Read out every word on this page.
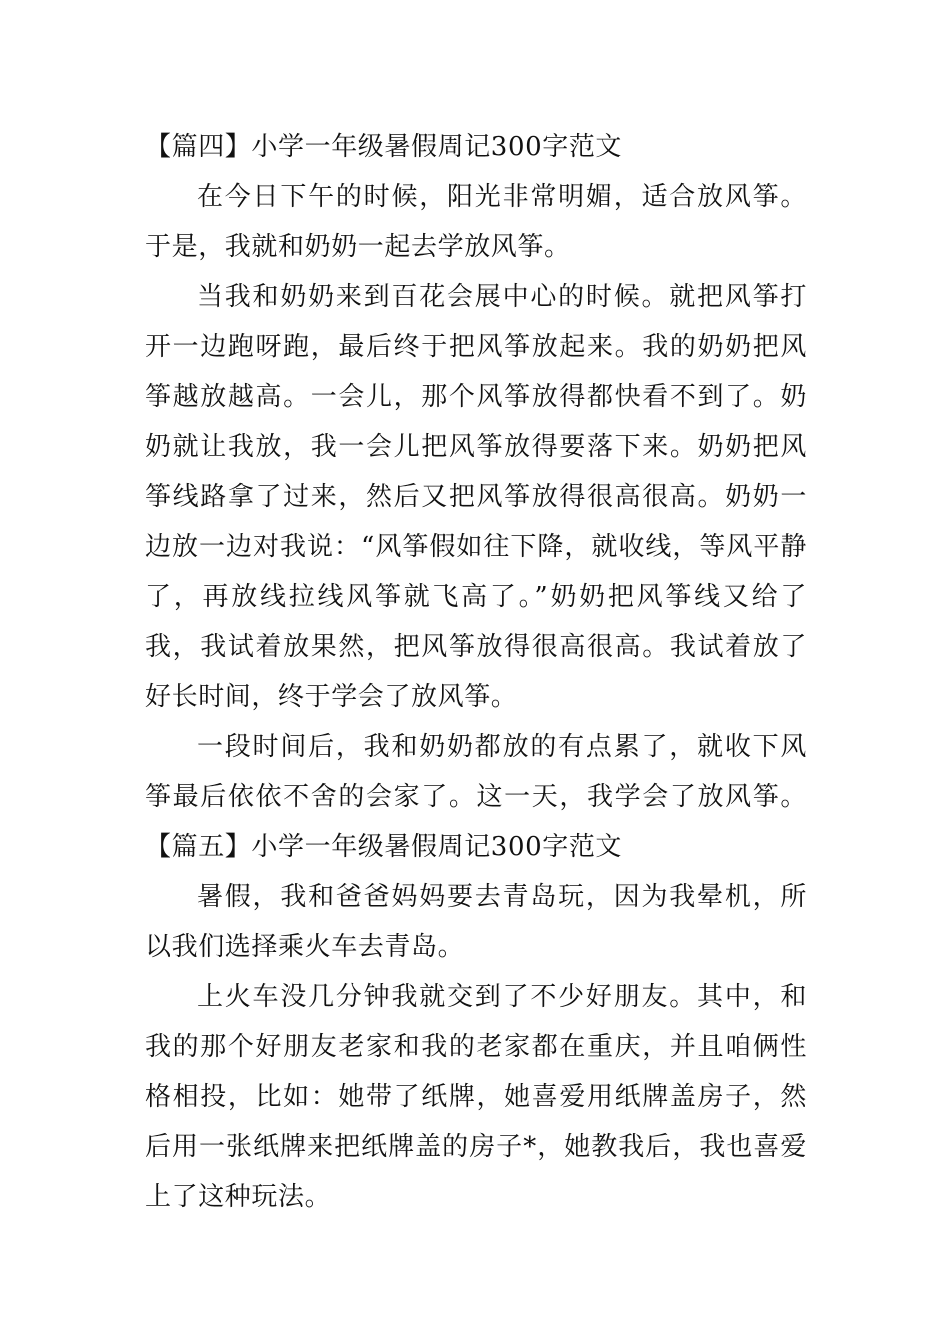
【篇四】小学一年级暑假周记300字范文

在今日下午的时候，阳光非常明媚，适合放风筝。于是，我就和奶奶一起去学放风筝。

当我和奶奶来到百花会展中心的时候。就把风筝打开一边跑呀跑，最后终于把风筝放起来。我的奶奶把风筝越放越高。一会儿，那个风筝放得都快看不到了。奶奶就让我放，我一会儿把风筝放得要落下来。奶奶把风筝线路拿了过来，然后又把风筝放得很高很高。奶奶一边放一边对我说：“风筝假如往下降，就收线，等风平静了，再放线拉线风筝就飞高了。”奶奶把风筝线又给了我，我试着放果然，把风筝放得很高很高。我试着放了好长时间，终于学会了放风筝。

一段时间后，我和奶奶都放的有点累了，就收下风筝最后依依不舍的会家了。这一天，我学会了放风筝。【篇五】小学一年级暑假周记300字范文

暑假，我和爸爸妈妈要去青岛玩，因为我晕机，所以我们选择乘火车去青岛。

上火车没几分钟我就交到了不少好朋友。其中，和我的那个好朋友老家和我的老家都在重庆，并且咱俩性格相投，比如：她带了纸牌，她喜爱用纸牌盖房子，然后用一张纸牌来把纸牌盖的房子*，她教我后，我也喜爱上了这种玩法。
